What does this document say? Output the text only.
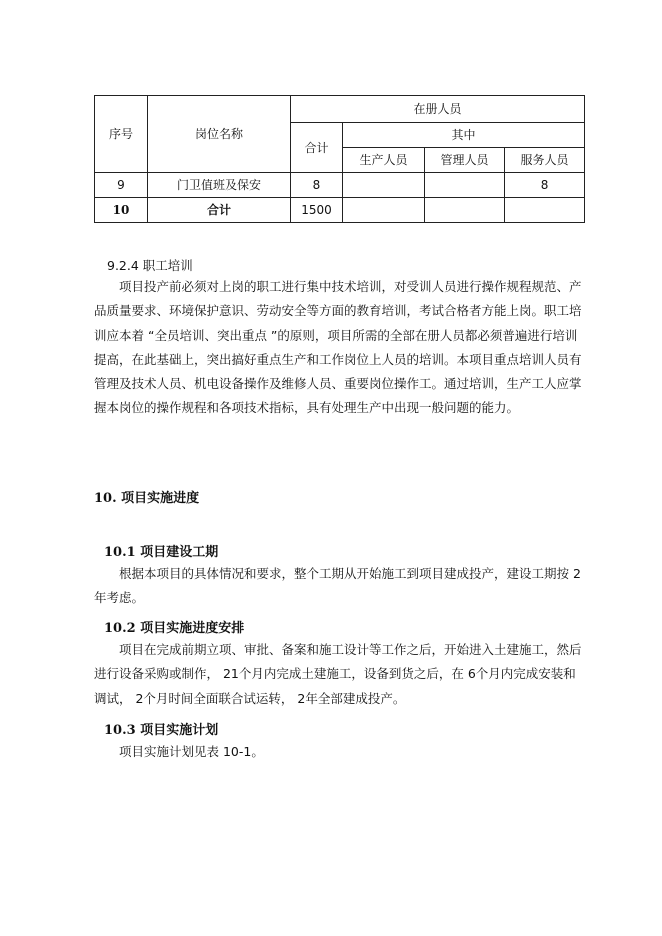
序号	岗位名称	在册人员			
		合计	其中		
			生产人员	管理人员	服务人员
9	门卫值班及保安	8			8
10	合计	1500			
9.2.4 职工培训

项目投产前必须对上岗的职工进行集中技术培训，对受训人员进行操作规程规范、产品质量要求、环境保护意识、劳动安全等方面的教育培训，考试合格者方能上岗。职工培训应本着 “全员培训、突出重点 ”的原则，项目所需的全部在册人员都必须普遍进行培训提高，在此基础上，突出搞好重点生产和工作岗位上人员的培训。本项目重点培训人员有管理及技术人员、机电设备操作及维修人员、重要岗位操作工。通过培训，生产工人应掌握本岗位的操作规程和各项技术指标，具有处理生产中出现一般问题的能力。

10. 项目实施进度
10.1 项目建设工期

根据本项目的具体情况和要求，整个工期从开始施工到项目建成投产，建设工期按 2年考虑。

10.2 项目实施进度安排

项目在完成前期立项、审批、备案和施工设计等工作之后，开始进入土建施工，然后进行设备采购或制作， 21个月内完成土建施工，设备到货之后，在 6个月内完成安装和调试， 2个月时间全面联合试运转， 2年全部建成投产。

10.3 项目实施计划

项目实施计划见表 10-1。
